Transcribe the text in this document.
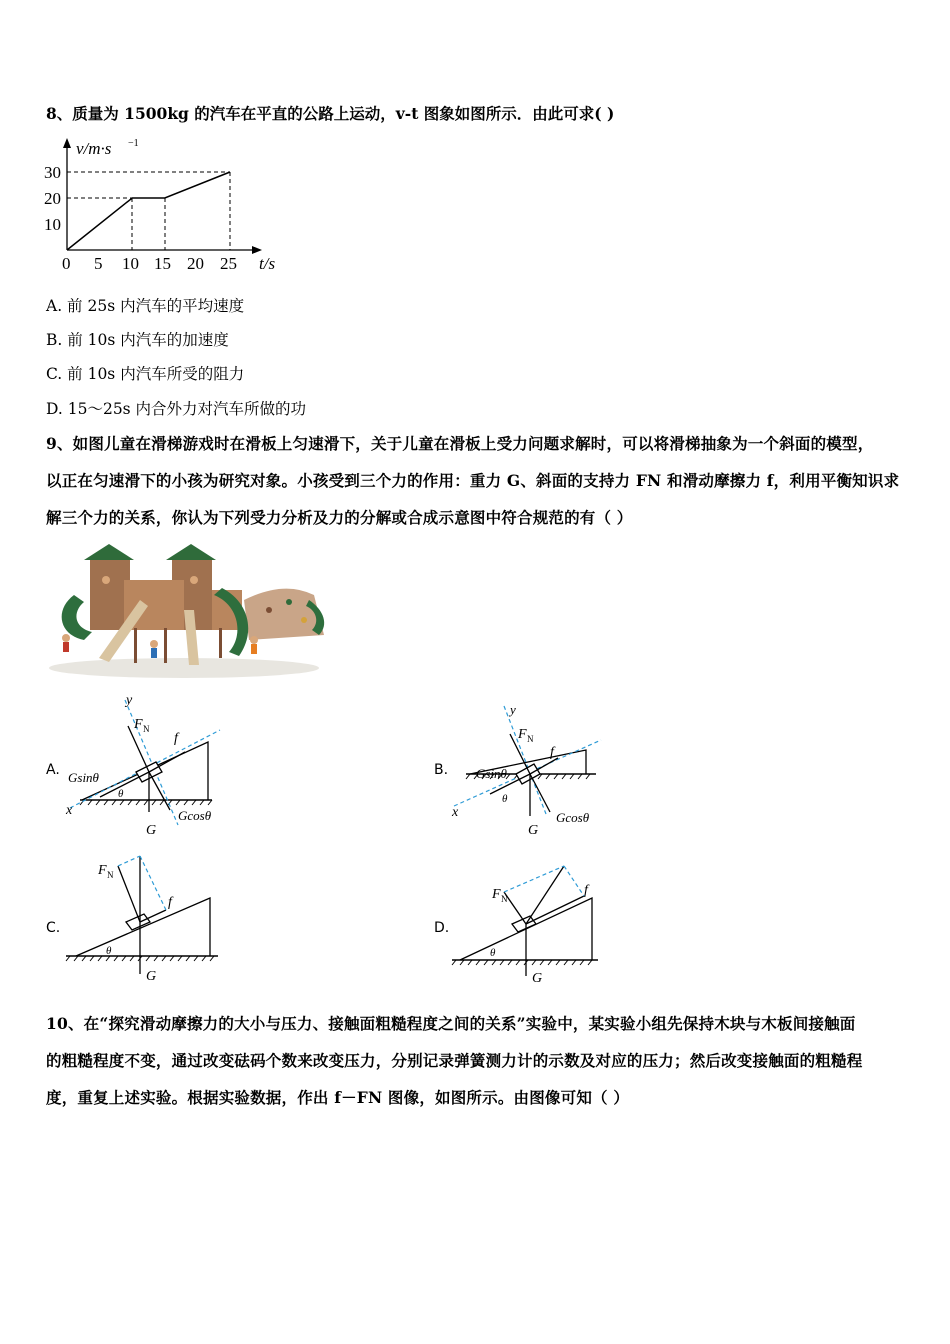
8、质量为 1500kg 的汽车在平直的公路上运动，v-t 图象如图所示．由此可求( )
v/m·s −1
t/s
30
20
10
0 5 10 15 20 25
A. 前 25s 内汽车的平均速度
B. 前 10s 内汽车的加速度
C. 前 10s 内汽车所受的阻力
D. 15～25s 内合外力对汽车所做的功
9、如图儿童在滑梯游戏时在滑板上匀速滑下，关于儿童在滑板上受力问题求解时，可以将滑梯抽象为一个斜面的模型，
以正在匀速滑下的小孩为研究对象。小孩受到三个力的作用：重力 G、斜面的支持力 FN 和滑动摩擦力 f，利用平衡知识求
解三个力的关系，你认为下列受力分析及力的分解或合成示意图中符合规范的有（ ）
A.
y
F N
f
Gsinθ
x
θ
G
Gcosθ
B.
y
F N
f
Gsinθ
x
θ
G
Gcosθ
C.
F N
f
θ
G
D.
F N
f
θ
G
10、在“探究滑动摩擦力的大小与压力、接触面粗糙程度之间的关系”实验中，某实验小组先保持木块与木板间接触面
的粗糙程度不变，通过改变砝码个数来改变压力，分别记录弹簧测力计的示数及对应的压力；然后改变接触面的粗糙程
度，重复上述实验。根据实验数据，作出 f－FN 图像，如图所示。由图像可知（ ）
